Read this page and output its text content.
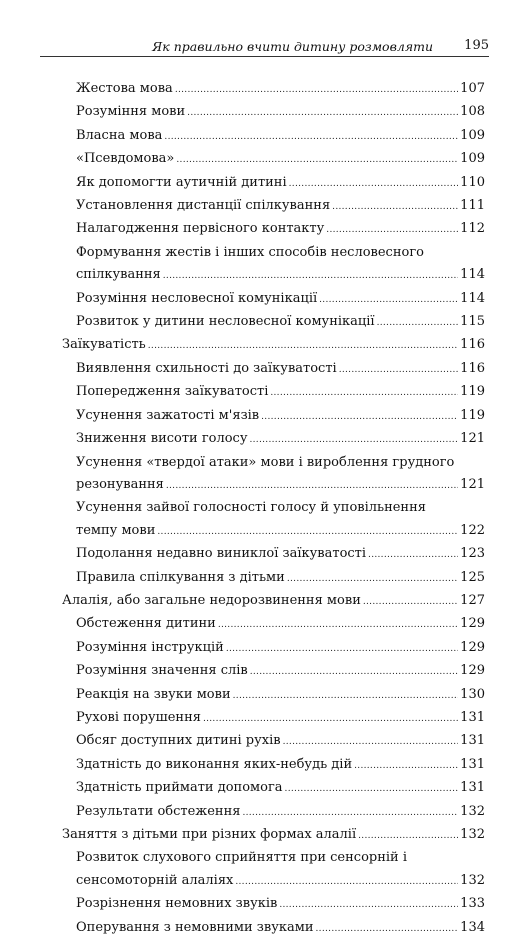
Як правильно вчити дитину розмовляти 195
Жестова мова .....	107
Розуміння мови .....	108
Власна мова .....	109
«Псевдомова» .....	109
Як допомогти аутичній дитині .....	110
Установлення дистанції спілкування .....	111
Налагодження первісного контакту .....	112
Формування жестів і інших способів несловесного
спілкування .....	114
Розуміння несловесної комунікації .....	114
Розвиток у дитини несловесної комунікації .....	115
Заїкуватість .....	116
Виявлення схильності до заїкуватості .....	116
Попередження заїкуватості .....	119
Усунення зажатості м'язів .....	119
Зниження висоти голосу .....	121
Усунення «твердої атаки» мови і вироблення грудного
резонування .....	121
Усунення зайвої голосності голосу й уповільнення
темпу мови .....	122
Подолання недавно виниклої заїкуватості .....	123
Правила спілкування з дітьми .....	125
Алалія, або загальне недорозвинення мови .....	127
Обстеження дитини .....	129
Розуміння інструкцій .....	129
Розуміння значення слів .....	129
Реакція на звуки мови .....	130
Рухові порушення .....	131
Обсяг доступних дитині рухів .....	131
Здатність до виконання яких-небудь дій .....	131
Здатність приймати допомога .....	131
Результати обстеження .....	132
Заняття з дітьми при різних формах алалії .....	132
Розвиток слухового сприйняття при сенсорній і
сенсомоторній алаліях .....	132
Розрізнення немовних звуків .....	133
Оперування з немовними звуками .....	134
